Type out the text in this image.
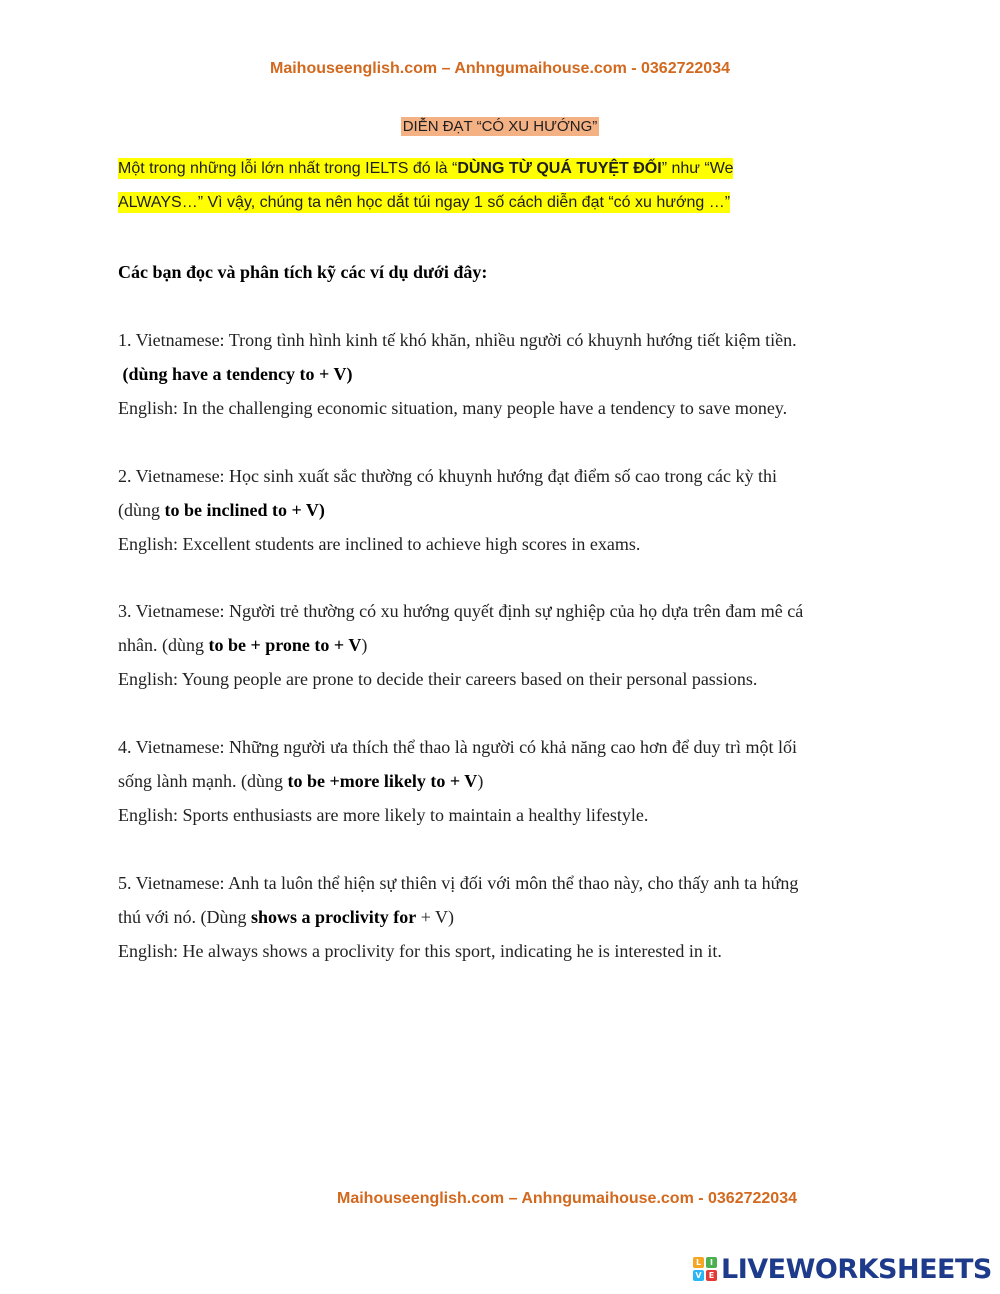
Maihouseenglish.com – Anhngumaihouse.com - 0362722034
DIỄN ĐẠT “CÓ XU HƯỚNG”
Một trong những lỗi lớn nhất trong IELTS đó là “DÙNG TỪ QUÁ TUYỆT ĐỐI” như “We
ALWAYS…” Vì vậy, chúng ta nên học dắt túi ngay 1 số cách diễn đạt “có xu hướng …”
Các bạn đọc và phân tích kỹ các ví dụ dưới đây:

1. Vietnamese: Trong tình hình kinh tế khó khăn, nhiều người có khuynh hướng tiết kiệm tiền.

(dùng have a tendency to + V)

English: In the challenging economic situation, many people have a tendency to save money.

2. Vietnamese: Học sinh xuất sắc thường có khuynh hướng đạt điểm số cao trong các kỳ thi

(dùng to be inclined to + V)

English: Excellent students are inclined to achieve high scores in exams.

3. Vietnamese: Người trẻ thường có xu hướng quyết định sự nghiệp của họ dựa trên đam mê cá

nhân. (dùng to be + prone to + V)

English: Young people are prone to decide their careers based on their personal passions.

4. Vietnamese: Những người ưa thích thể thao là người có khả năng cao hơn để duy trì một lối

sống lành mạnh. (dùng to be +more likely to + V)

English: Sports enthusiasts are more likely to maintain a healthy lifestyle.

5. Vietnamese: Anh ta luôn thể hiện sự thiên vị đối với môn thể thao này, cho thấy anh ta hứng

thú với nó. (Dùng shows a proclivity for + V)

English: He always shows a proclivity for this sport, indicating he is interested in it.

Maihouseenglish.com – Anhngumaihouse.com - 0362722034
L	I
V E LIVEWORKSHEETS
